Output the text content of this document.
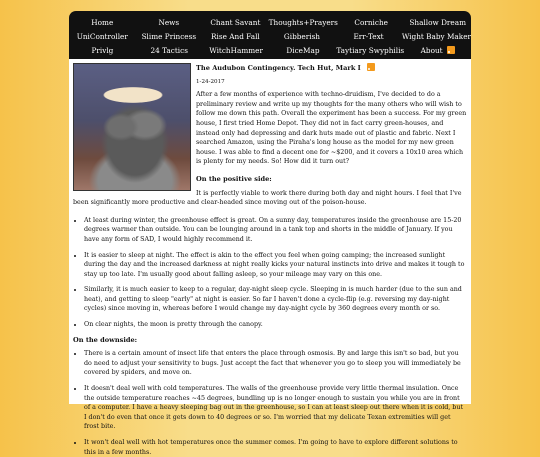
Home	News	Chant Savant	Thoughts+Prayers	Corniche	Shallow Dream
UniController	Slime Princess	Rise And Fall	Gibberish	Err-Text	Wight Baby Maker
Privlg	24 Tactics	WitchHammer	DiceMap	Taytiary Swyphilis	About
The Audubon Contingency. Tech Hut, Mark I
1-24-2017

After a few months of experience with techno-druidism, I've decided to do a preliminary review and write up my thoughts for the many others who will wish to follow me down this path. Overall the experiment has been a success. For my green house, I first tried Home Depot. They did not in fact carry green-houses, and instead only had depressing and dark huts made out of plastic and fabric. Next I searched Amazon, using the Piraha's long house as the model for my new green house. I was able to find a decent one for ~$200, and it covers a 10x10 area which is plenty for my needs. So! How did it turn out?

On the positive side:

It is perfectly viable to work there during both day and night hours. I feel that I've been significantly more productive and clear-headed since moving out of the poison-house.

• At least during winter, the greenhouse effect is great. On a sunny day, temperatures inside the greenhouse are 15-20 degrees warmer than outside. You can be lounging around in a tank top and shorts in the middle of January. If you have any form of SAD, I would highly recommend it.
• It is easier to sleep at night. The effect is akin to the effect you feel when going camping; the increased sunlight during the day and the increased darkness at night really kicks your natural instincts into drive and makes it tough to stay up too late. I'm usually good about falling asleep, so your mileage may vary on this one.
• Similarly, it is much easier to keep to a regular, day-night sleep cycle. Sleeping in is much harder (due to the sun and heat), and getting to sleep "early" at night is easier. So far I haven't done a cycle-flip (e.g. reversing my day-night cycles) since moving in, whereas before I would change my day-night cycle by 360 degrees every month or so.
• On clear nights, the moon is pretty through the canopy.
On the downside:
• There is a certain amount of insect life that enters the place through osmosis. By and large this isn't so bad, but you do need to adjust your sensitivity to bugs. Just accept the fact that whenever you go to sleep you will immediately be covered by spiders, and move on.
• It doesn't deal well with cold temperatures. The walls of the greenhouse provide very little thermal insulation. Once the outside temperature reaches ~45 degrees, bundling up is no longer enough to sustain you while you are in front of a computer. I have a heavy sleeping bag out in the greenhouse, so I can at least sleep out there when it is cold, but I don't do even that once it gets down to 40 degrees or so. I'm worried that my delicate Texan extremities will get frost bite.
• It won't deal well with hot temperatures once the summer comes. I'm going to have to explore different solutions to this in a few months.
